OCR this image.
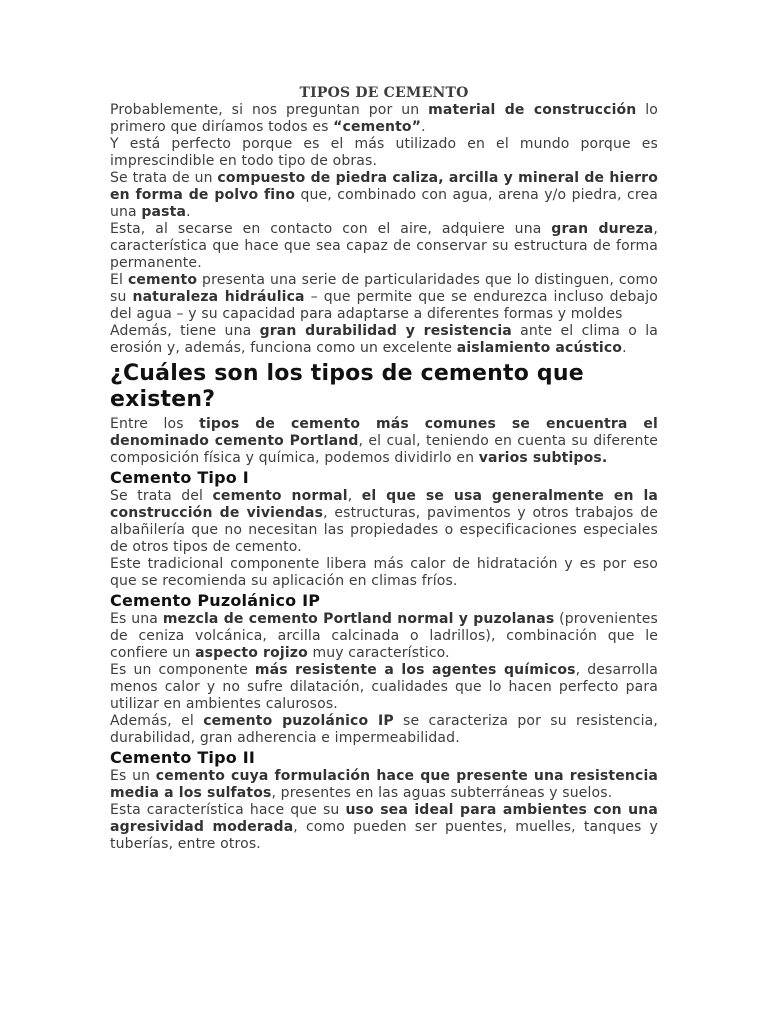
TIPOS DE CEMENTO

Probablemente, si nos preguntan por un material de construcción lo primero que diríamos todos es “cemento”.

Y está perfecto porque es el más utilizado en el mundo porque es imprescindible en todo tipo de obras.

Se trata de un compuesto de piedra caliza, arcilla y mineral de hierro en forma de polvo fino que, combinado con agua, arena y/o piedra, crea una pasta.

Esta, al secarse en contacto con el aire, adquiere una gran dureza, característica que hace que sea capaz de conservar su estructura de forma permanente.

El cemento presenta una serie de particularidades que lo distinguen, como su naturaleza hidráulica – que permite que se endurezca incluso debajo del agua – y su capacidad para adaptarse a diferentes formas y moldes

Además, tiene una gran durabilidad y resistencia ante el clima o la erosión y, además, funciona como un excelente aislamiento acústico.

¿Cuáles son los tipos de cemento que existen?

Entre los tipos de cemento más comunes se encuentra el denominado cemento Portland, el cual, teniendo en cuenta su diferente composición física y química, podemos dividirlo en varios subtipos.

Cemento Tipo I

Se trata del cemento normal, el que se usa generalmente en la construcción de viviendas, estructuras, pavimentos y otros trabajos de albañilería que no necesitan las propiedades o especificaciones especiales de otros tipos de cemento.

Este tradicional componente libera más calor de hidratación y es por eso que se recomienda su aplicación en climas fríos.

Cemento Puzolánico IP

Es una mezcla de cemento Portland normal y puzolanas (provenientes de ceniza volcánica, arcilla calcinada o ladrillos), combinación que le confiere un aspecto rojizo muy característico.

Es un componente más resistente a los agentes químicos, desarrolla menos calor y no sufre dilatación, cualidades que lo hacen perfecto para utilizar en ambientes calurosos.

Además, el cemento puzolánico IP se caracteriza por su resistencia, durabilidad, gran adherencia e impermeabilidad.

Cemento Tipo II

Es un cemento cuya formulación hace que presente una resistencia media a los sulfatos, presentes en las aguas subterráneas y suelos.

Esta característica hace que su uso sea ideal para ambientes con una agresividad moderada, como pueden ser puentes, muelles, tanques y tuberías, entre otros.
